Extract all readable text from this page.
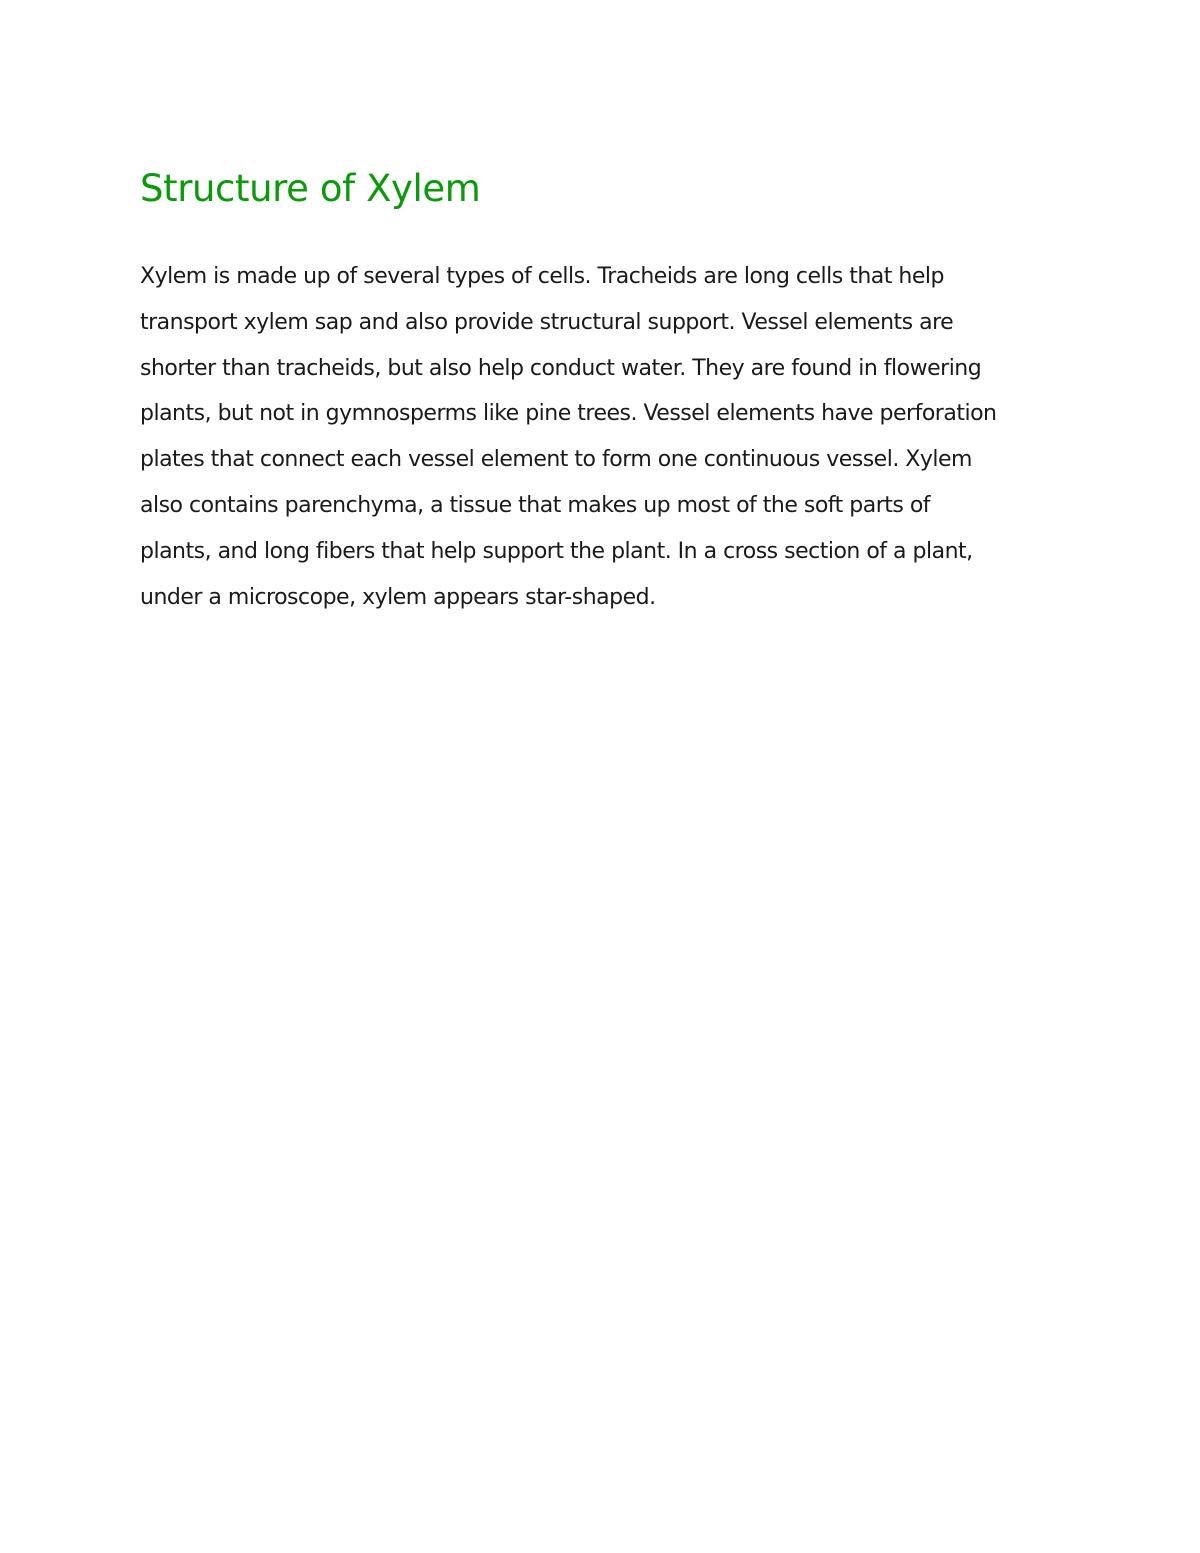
Structure of Xylem

Xylem is made up of several types of cells. Tracheids are long cells that help
transport xylem sap and also provide structural support. Vessel elements are
shorter than tracheids, but also help conduct water. They are found in flowering
plants, but not in gymnosperms like pine trees. Vessel elements have perforation
plates that connect each vessel element to form one continuous vessel. Xylem
also contains parenchyma, a tissue that makes up most of the soft parts of
plants, and long fibers that help support the plant. In a cross section of a plant,
under a microscope, xylem appears star-shaped.
